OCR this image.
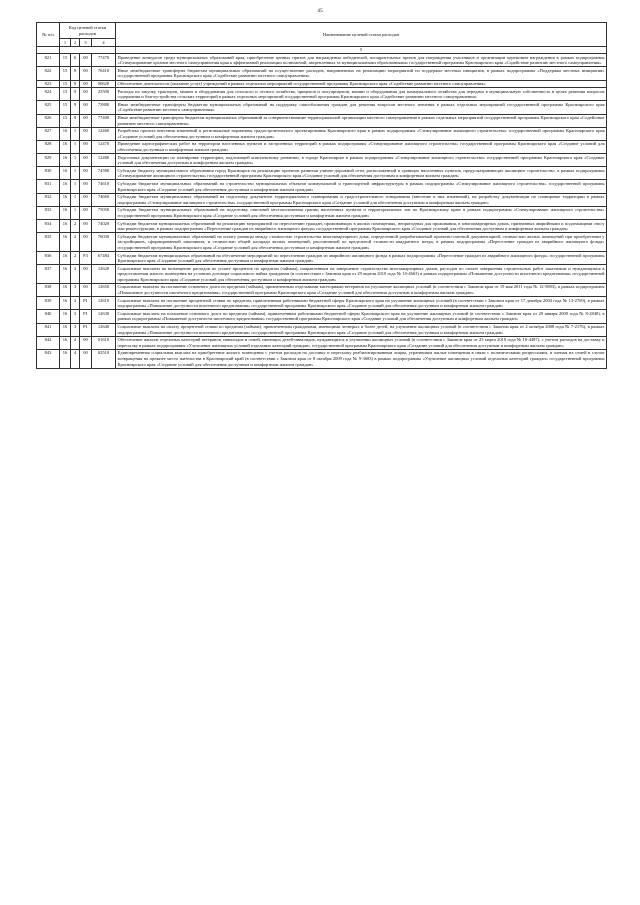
45
№ п/п	Код целевой статьи расходов				Наименование целевой статьи расходов
	1	2	3	4	
					5
821	15	6	00	77470	Проведение конкурсов среди муниципальных образований края, приобретение ценных призов для награждения победителей, поощрительных призов для награждения участников и организации церемонии награждения в рамках подпрограммы «Стимулирование органов местного самоуправления края к эффективной реализации полномочий, закрепленных за муниципальными образованиями» государственной программы Красноярского края «Содействие развитию местного самоуправления»
822	15	8	00	76410	Иные межбюджетные трансферты бюджетам муниципальных образований на осуществление расходов, направленных на реализацию мероприятий по поддержке местных инициатив, в рамках подпрограммы «Поддержка местных инициатив» государственной программы Красноярского края «Содействие развитию местного самоуправления»
823	15	9	00	00620	Обеспечение деятельности (оказание услуг) учреждений в рамках отдельных мероприятий государственной программы Красноярского края «Содействие развитию местного самоуправления»
824	15	9	00	25500	Расходы на закупку тракторов, машин и оборудования для сельского и лесного хозяйства, прицепов и полуприцепов, машин и оборудования для коммунального хозяйства для передачи в муниципальную собственность в целях решения вопросов содержания и благоустройства сельских территорий в рамках отдельных мероприятий государственной программы Красноярского края «Содействие развитию местного самоуправления»
825	15	9	00	73880	Иные межбюджетные трансферты бюджетам муниципальных образований на поддержку самообложения граждан для решения вопросов местного значения в рамках отдельных мероприятий государственной программы Красноярского края «Содействие развитию местного самоуправления»
826	15	9	00	77400	Иные межбюджетные трансферты бюджетам муниципальных образований за совершенствование территориальной организации местного самоуправления в рамках отдельных мероприятий государственной программы Красноярского края «Содействие развитию местного самоуправления»
827	16	1	00	12460	Разработка проекта внесения изменений в региональные нормативы градостроительного проектирования Красноярского края в рамках подпрограммы «Стимулирование жилищного строительства» государственной программы Красноярского края «Создание условий для обеспечения доступным и комфортным жильем граждан»
828	16	1	00	12470	Проведение картографических работ на территории населенных пунктов и застроенных территорий в рамках подпрограммы «Стимулирование жилищного строительства» государственной программы Красноярского края «Создание условий для обеспечения доступным и комфортным жильем граждан»
829	16	1	00	12480	Подготовка документации по планировке территории, подлежащей комплексному развитию, в городе Красноярске в рамках подпрограммы «Стимулирование жилищного строительства» государственной программы Красноярского края «Создание условий для обеспечения доступным и комфортным жильем граждан»
830	16	1	00	74580	Субсидия бюджету муниципального образования город Красноярск на реализацию проектов развития улично-дорожной сети, расположенной в границах населенных пунктов, предусматривающих жилищное строительство, в рамках подпрограммы «Стимулирование жилищного строительства» государственной программы Красноярского края «Создание условий для обеспечения доступным и комфортным жильем граждан»
831	16	1	00	74610	Субсидии бюджетам муниципальных образований на строительство муниципальных объектов коммунальной и транспортной инфраструктуры в рамках подпрограммы «Стимулирование жилищного строительства» государственной программы Красноярского края «Создание условий для обеспечения доступным и комфортным жильем граждан»
832	16	1	00	74660	Субсидии бюджетам муниципальных образований на подготовку документов территориального планирования и градостроительного зонирования (внесение в них изменений), на разработку документации по планировке территории в рамках подпрограммы «Стимулирование жилищного строительства» государственной программы Красноярского края «Создание условий для обеспечения доступным и комфортным жильем граждан»
833	16	1	00	75050	Субсидии бюджетам муниципальных образований на подготовку описаний местоположения границ населенных пунктов и территориальных зон по Красноярскому краю в рамках подпрограммы «Стимулирование жилищного строительства» государственной программы Красноярского края «Создание условий для обеспечения доступным и комфортным жильем граждан»
834	16	2	00	74020	Субсидии бюджетам муниципальных образований на реализацию мероприятий по переселению граждан, проживающих в жилых помещениях, непригодных для проживания, в многоквартирных домах, признанных аварийными и подлежащими сносу или реконструкции, в рамках подпрограммы «Переселение граждан из аварийного жилищного фонда» государственной программы Красноярского края «Создание условий для обеспечения доступным и комфортным жильем граждан»
835	16	2	00	76030	Субсидии бюджетам муниципальных образований на оплату разницы между стоимостью строительства многоквартирного дома, определенной разрабатываемой проектно-сметной документацией, стоимостью жилых помещений при приобретении у застройщиков, сформированной заказчиком, и стоимостью общей площади жилых помещений, рассчитанной по предельной стоимости квадратного метра, в рамках подпрограммы «Переселение граждан из аварийного жилищного фонда» государственной программы Красноярского края «Создание условий для обеспечения доступным и комфортным жильем граждан»
836	16	2	F3	67484	Субсидии бюджетам муниципальных образований на обеспечение мероприятий по переселению граждан из аварийного жилищного фонда в рамках подпрограммы «Переселение граждан из аварийного жилищного фонда» государственной программы Красноярского края «Создание условий для обеспечения доступным и комфортным жильем граждан»
837	16	3	00	12620	Социальные выплаты на возмещение расходов по уплате процентов по кредитам (займам), направленным на завершение строительства многоквартирных домов, расходов по оплате завершения строительных работ заказчиком и нуждающимся в предоставлении жилого помещения на условиях договора социального найма гражданам (в соответствии с Законом края от 29 апреля 2010 года № 10-4663) в рамках подпрограммы «Повышение доступности ипотечного кредитования» государственной программы Красноярского края «Создание условий для обеспечения доступным и комфортным жильем граждан»
838	16	3	00	12650	Социальные выплаты на погашение основного долга по кредитам (займам), привлеченным отдельными категориями ветеранов на улучшение жилищных условий (в соответствии с Законом края от 19 мая 2011 года № 12-5883), в рамках подпрограммы «Повышение доступности ипотечного кредитования» государственной программы Красноярского края «Создание условий для обеспечения доступным и комфортным жильем граждан»
839	16	3	P1	12610	Социальные выплаты на погашение процентной ставки по кредитам, привлеченным работниками бюджетной сферы Красноярского края на улучшение жилищных условий (в соответствии с Законом края от 17 декабря 2004 года № 13-2769), в рамках подпрограммы «Повышение доступности ипотечного кредитования» государственной программы Красноярского края «Создание условий для обеспечения доступным и комфортным жильем граждан»
840	16	3	P1	12630	Социальные выплаты на погашение основного долга по кредитам (займам), привлеченным работниками бюджетной сферы Красноярского края на улучшение жилищных условий (в соответствии с Законом края от 29 января 2009 года № 8-2848), в рамках подпрограммы «Повышение доступности ипотечного кредитования» государственной программы Красноярского края «Создание условий для обеспечения доступным и комфортным жильем граждан»
841	16	3	P1	12640	Социальные выплаты на оплату процентной ставки по кредитам (займам), привлеченным гражданами, имеющими четверых и более детей, на улучшение жилищных условий (в соответствии с Законом края от 2 октября 2008 года № 7-2176), в рамках подпрограммы «Повышение доступности ипотечного кредитования» государственной программы Красноярского края «Создание условий для обеспечения доступным и комфортным жильем граждан»
842	16	4	00	01610	Обеспечение жильем отдельных категорий ветеранов, инвалидов и семей, имеющих детей-инвалидов, нуждающихся в улучшении жилищных условий (в соответствии с Законом края от 25 марта 2010 года № 10-4487), с учетом расходов на доставку и пересылку в рамках подпрограммы «Улучшение жилищных условий отдельных категорий граждан» государственной программы Красноярского края «Создание условий для обеспечения доступным и комфортным жильем граждан»
843	16	4	00	02510	Единовременная социальная выплата на приобретение жилого помещения с учетом расходов на доставку и пересылку реабилитированным лицам, утратившим жилые помещения в связи с политическими репрессиями, и членам их семей в случае возвращения на прежнее место жительства в Красноярский край (в соответствии с Законом края от 8 октября 2009 года № 9-3683) в рамках подпрограммы «Улучшение жилищных условий отдельных категорий граждан» государственной программы Красноярского края «Создание условий для обеспечения доступным и комфортным жильем граждан»
